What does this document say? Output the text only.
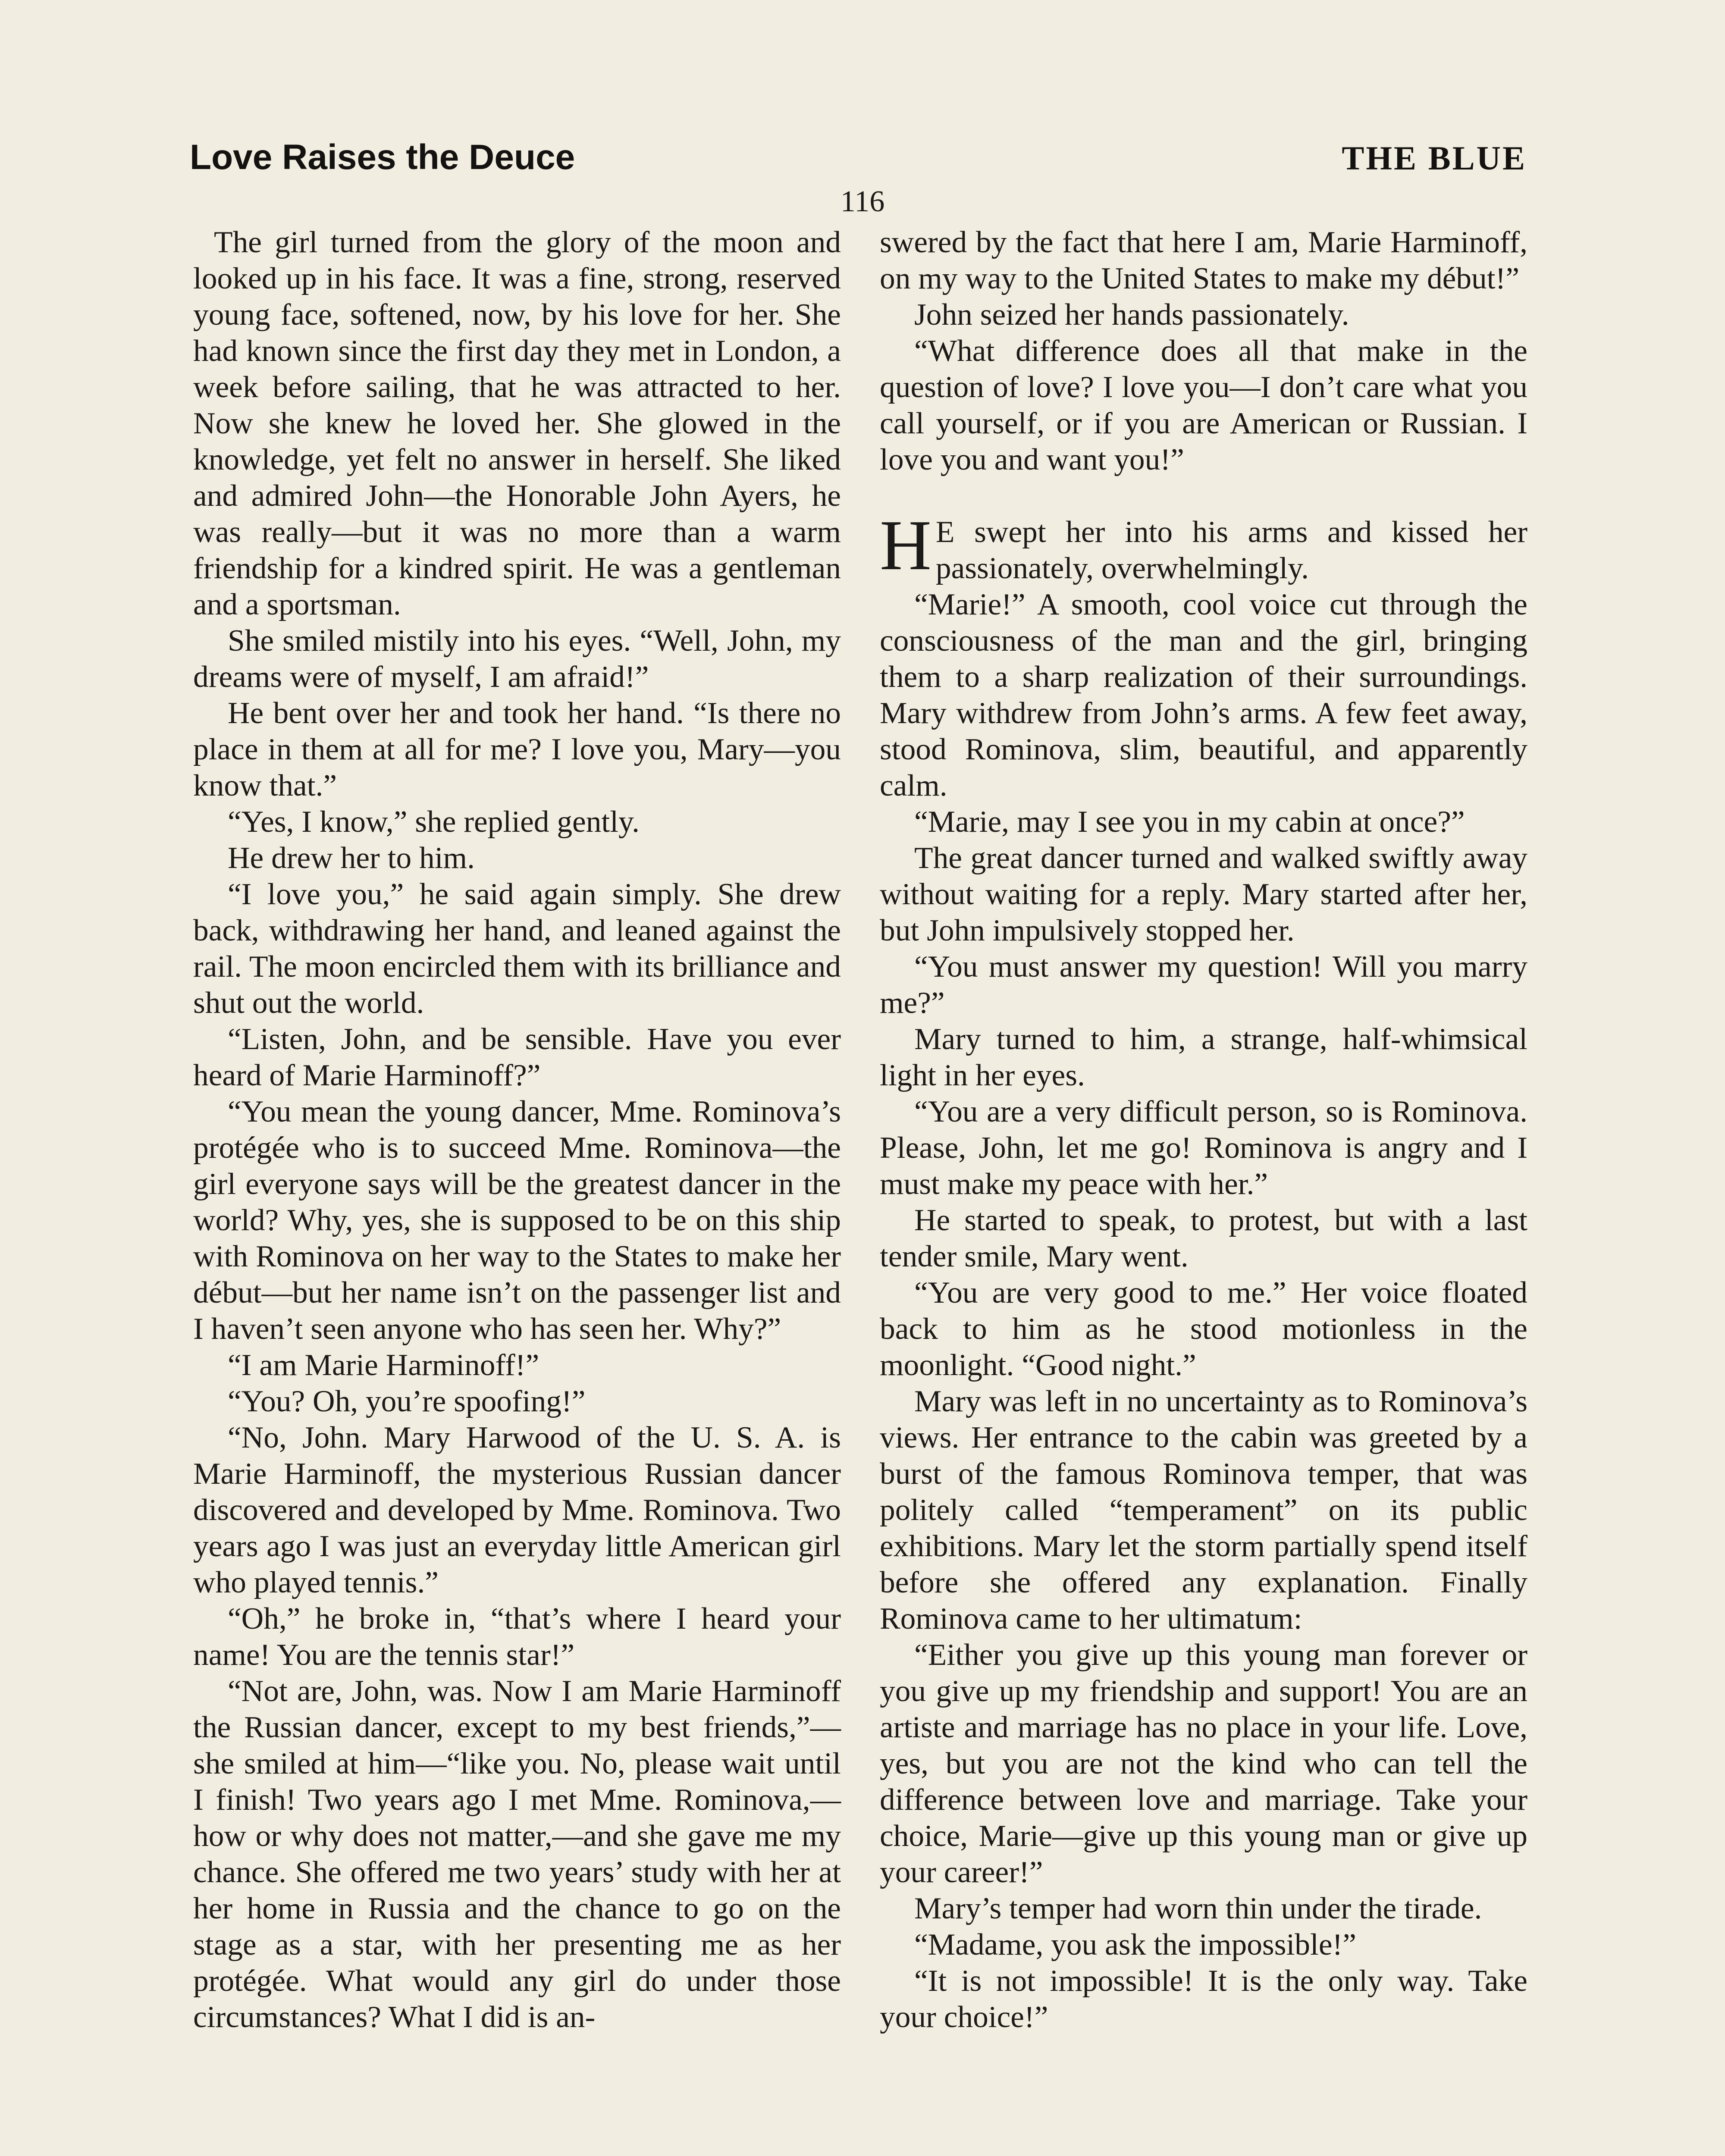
Love Raises the Deuce	THE BLUE
116

The girl turned from the glory of the moon and looked up in his face. It was a fine, strong, reserved young face, softened, now, by his love for her. She had known since the first day they met in London, a week before sailing, that he was attracted to her. Now she knew he loved her. She glowed in the knowledge, yet felt no answer in herself. She liked and admired John—the Honorable John Ayers, he was really—but it was no more than a warm friendship for a kindred spirit. He was a gentleman and a sportsman.

She smiled mistily into his eyes. “Well, John, my dreams were of myself, I am afraid!”

He bent over her and took her hand. “Is there no place in them at all for me? I love you, Mary—you know that.”

“Yes, I know,” she replied gently.

He drew her to him.

“I love you,” he said again simply. She drew back, withdrawing her hand, and leaned against the rail. The moon encircled them with its brilliance and shut out the world.

“Listen, John, and be sensible. Have you ever heard of Marie Harminoff?”

“You mean the young dancer, Mme. Rominova’s protégée who is to succeed Mme. Rominova—the girl everyone says will be the greatest dancer in the world? Why, yes, she is supposed to be on this ship with Rominova on her way to the States to make her début—but her name isn’t on the passenger list and I haven’t seen anyone who has seen her. Why?”

“I am Marie Harminoff!”

“You? Oh, you’re spoofing!”

“No, John. Mary Harwood of the U. S. A. is Marie Harminoff, the mysterious Russian dancer discovered and developed by Mme. Rominova. Two years ago I was just an everyday little American girl who played tennis.”

“Oh,” he broke in, “that’s where I heard your name! You are the tennis star!”

“Not are, John, was. Now I am Marie Harminoff the Russian dancer, except to my best friends,”—she smiled at him—“like you. No, please wait until I finish! Two years ago I met Mme. Rominova,—how or why does not matter,—and she gave me my chance. She offered me two years’ study with her at her home in Russia and the chance to go on the stage as a star, with her presenting me as her protégée. What would any girl do under those circumstances? What I did is an-

swered by the fact that here I am, Marie Harminoff, on my way to the United States to make my début!”

John seized her hands passionately.

“What difference does all that make in the question of love? I love you—I don’t care what you call yourself, or if you are American or Russian. I love you and want you!”

H E swept her into his arms and kissed her passionately, overwhelmingly.

“Marie!” A smooth, cool voice cut through the consciousness of the man and the girl, bringing them to a sharp realization of their surroundings. Mary withdrew from John’s arms. A few feet away, stood Rominova, slim, beautiful, and apparently calm.

“Marie, may I see you in my cabin at once?”

The great dancer turned and walked swiftly away without waiting for a reply. Mary started after her, but John impulsively stopped her.

“You must answer my question! Will you marry me?”

Mary turned to him, a strange, half-whimsical light in her eyes.

“You are a very difficult person, so is Rominova. Please, John, let me go! Rominova is angry and I must make my peace with her.”

He started to speak, to protest, but with a last tender smile, Mary went.

“You are very good to me.” Her voice floated back to him as he stood motionless in the moonlight. “Good night.”

Mary was left in no uncertainty as to Rominova’s views. Her entrance to the cabin was greeted by a burst of the famous Rominova temper, that was politely called “temperament” on its public exhibitions. Mary let the storm partially spend itself before she offered any explanation. Finally Rominova came to her ultimatum:

“Either you give up this young man forever or you give up my friendship and support! You are an artiste and marriage has no place in your life. Love, yes, but you are not the kind who can tell the difference between love and marriage. Take your choice, Marie—give up this young man or give up your career!”

Mary’s temper had worn thin under the tirade.

“Madame, you ask the impossible!”

“It is not impossible! It is the only way. Take your choice!”
